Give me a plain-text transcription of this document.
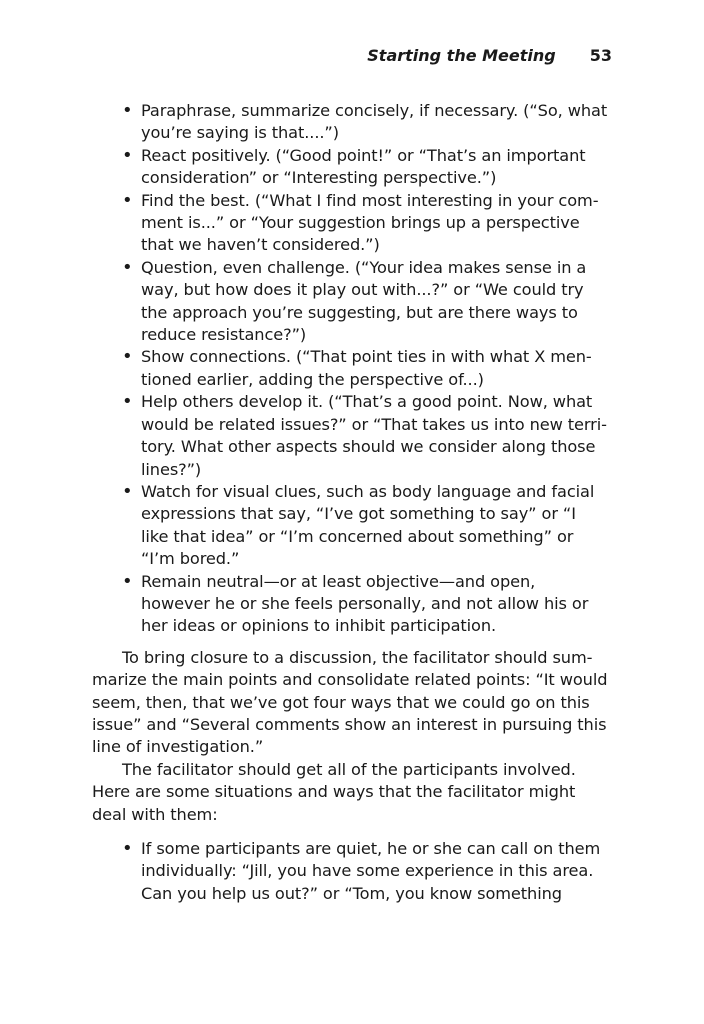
Starting the Meeting 53
• Paraphrase, summarize concisely, if necessary. (“So, what you’re saying is that....”)
• React positively. (“Good point!” or “That’s an important consideration” or “Interesting perspective.”)
• Find the best. (“What I find most interesting in your com-ment is...” or “Your suggestion brings up a perspective that we haven’t considered.”)
• Question, even challenge. (“Your idea makes sense in a way, but how does it play out with...?” or “We could try the approach you’re suggesting, but are there ways to reduce resistance?”)
• Show connections. (“That point ties in with what X men-tioned earlier, adding the perspective of...)
• Help others develop it. (“That’s a good point. Now, what would be related issues?” or “That takes us into new terri-tory. What other aspects should we consider along those lines?”)
• Watch for visual clues, such as body language and facial expressions that say, “I’ve got something to say” or “I like that idea” or “I’m concerned about something” or “I’m bored.”
• Remain neutral—or at least objective—and open, however he or she feels personally, and not allow his or her ideas or opinions to inhibit participation.

To bring closure to a discussion, the facilitator should sum-marize the main points and consolidate related points: “It would seem, then, that we’ve got four ways that we could go on this issue” and “Several comments show an interest in pursuing this line of investigation.”

The facilitator should get all of the participants involved. Here are some situations and ways that the facilitator might deal with them:

• If some participants are quiet, he or she can call on them individually: “Jill, you have some experience in this area. Can you help us out?” or “Tom, you know something
